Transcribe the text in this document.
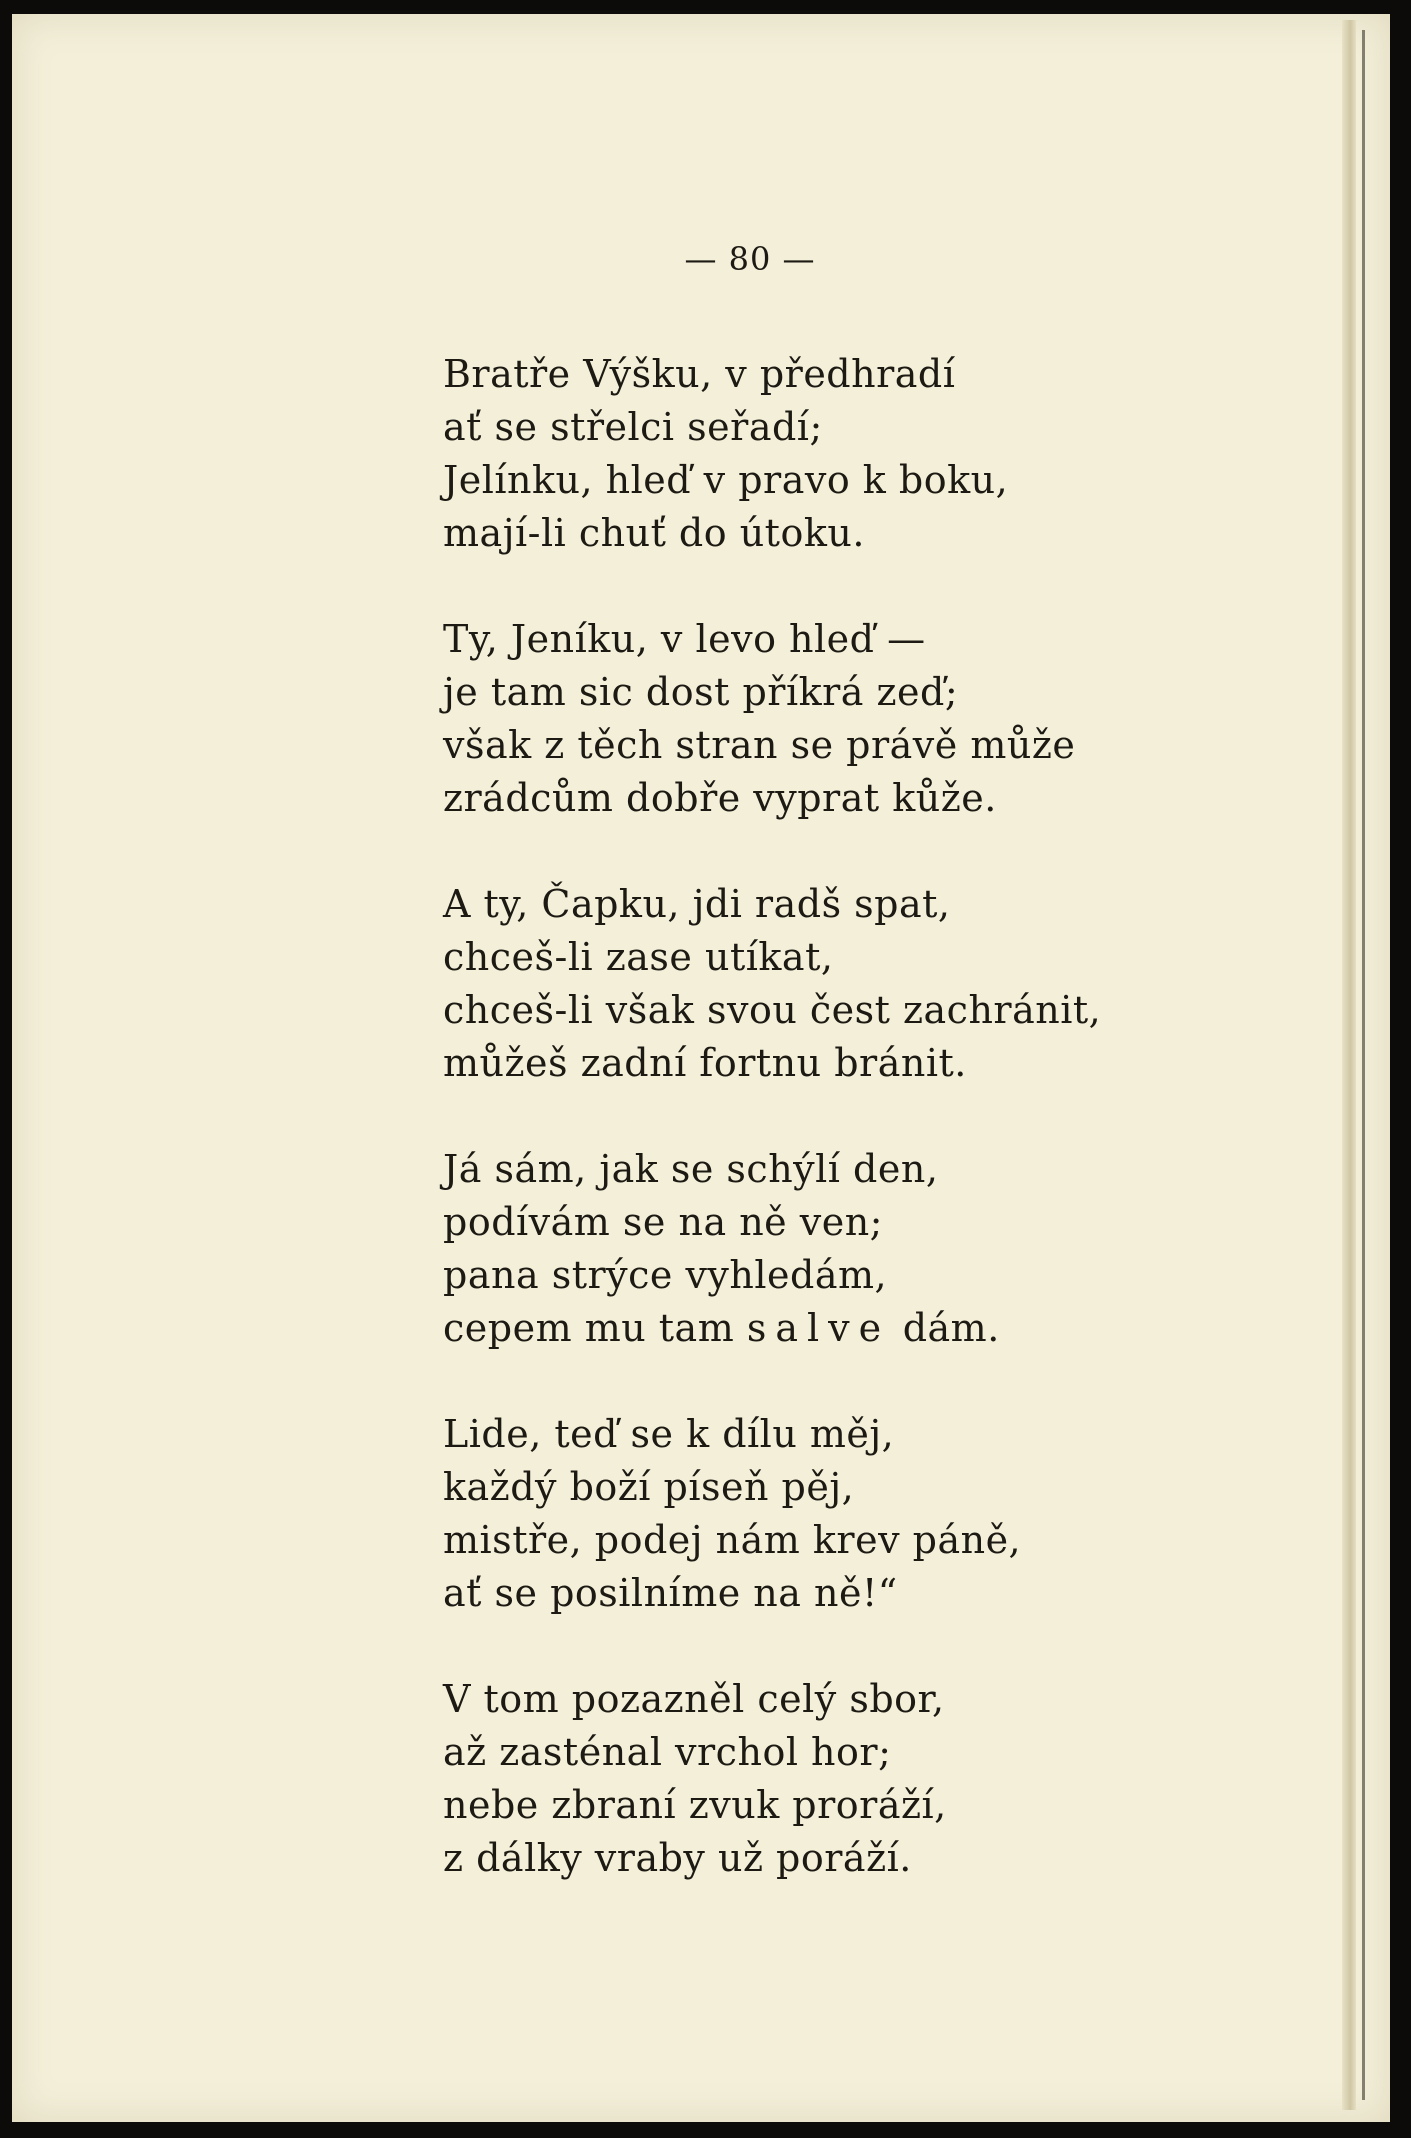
— 80 —
Bratře Výšku, v předhradí
ať se střelci seřadí;
Jelínku, hleď v pravo k boku,
mají-li chuť do útoku.
Ty, Jeníku, v levo hleď —
je tam sic dost příkrá zeď;
však z těch stran se právě může
zrádcům dobře vyprat kůže.
A ty, Čapku, jdi radš spat,
chceš-li zase utíkat,
chceš-li však svou čest zachránit,
můžeš zadní fortnu bránit.
Já sám, jak se schýlí den,
podívám se na ně ven;
pana strýce vyhledám,
cepem mu tam salve dám.
Lide, teď se k dílu měj,
každý boží píseň pěj,
mistře, podej nám krev páně,
ať se posilníme na ně!“
V tom pozazněl celý sbor,
až zasténal vrchol hor;
nebe zbraní zvuk proráží,
z dálky vraby už poráží.
